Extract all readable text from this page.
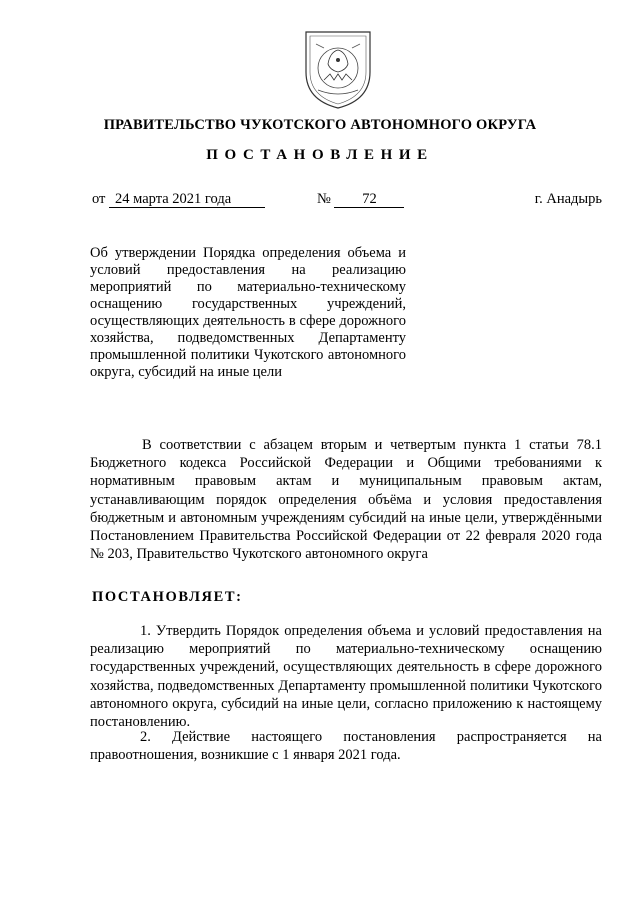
ПРАВИТЕЛЬСТВО ЧУКОТСКОГО АВТОНОМНОГО ОКРУГА
ПОСТАНОВЛЕНИЕ
от 24 марта 2021 года	№ 72	г. Анадырь
Об утверждении Порядка определения объема и условий предоставления на реализацию мероприятий по материально-техническому оснащению государственных учреждений, осуществляющих деятельность в сфере дорожного хозяйства, подведомственных Департаменту промышленной политики Чукотского автономного округа, субсидий на иные цели
В соответствии с абзацем вторым и четвертым пункта 1 статьи 78.1 Бюджетного кодекса Российской Федерации и Общими требованиями к нормативным правовым актам и муниципальным правовым актам, устанавливающим порядок определения объёма и условия предоставления бюджетным и автономным учреждениям субсидий на иные цели, утверждёнными Постановлением Правительства Российской Федерации от 22 февраля 2020 года № 203, Правительство Чукотского автономного округа
ПОСТАНОВЛЯЕТ:
1. Утвердить Порядок определения объема и условий предоставления на реализацию мероприятий по материально-техническому оснащению государственных учреждений, осуществляющих деятельность в сфере дорожного хозяйства, подведомственных Департаменту промышленной политики Чукотского автономного округа, субсидий на иные цели, согласно приложению к настоящему постановлению.
2. Действие настоящего постановления распространяется на правоотношения, возникшие с 1 января 2021 года.
